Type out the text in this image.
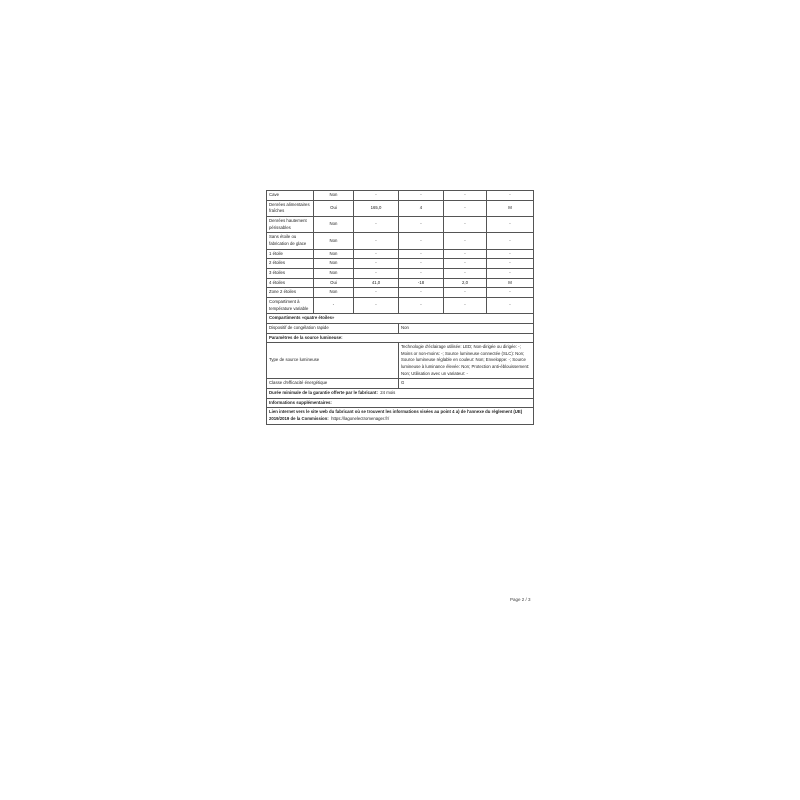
Cave	Non	-	-	-	-
Denrées alimentaires fraîches	Oui	165,0	4	-	M
Denrées hautement périssables	Non	-	-	-	-
Sans étoile ou fabrication de glace	Non	-	-	-	-
1 étoile	Non	-	-	-	-
2 étoiles	Non	-	-	-	-
3 étoiles	Non	-	-	-	-
4 étoiles	Oui	41,0	-18	2,0	M
Zone 2 étoiles	Non	-	-	-	-
Compartiment à température variable	-	-	-	-	-
Compartiments «quatre étoiles»					
Dispositif de congélation rapide			Non		
Paramètres de la source lumineuse:					
Type de source lumineuse			Technologie d'éclairage utilisée: LED; Non-dirigée ou dirigée: -; Moins or non-moins: -; Source lumineuse connectée (SLC): Non; Source lumineuse réglable en couleur: Non; Enveloppe: -; Source lumineuse à luminance élevée: Non; Protection anti-éblouissement: Non; Utilisation avec un variateur: -		
Classe d'efficacité énergétique			G		
Durée minimale de la garantie offerte par le fabricant: 24 mois					
Informations supplémentaires:					
Lien internet vers le site web du fabricant où se trouvent les informations visées au point 4 a) de l'annexe du règlement (UE) 2019/2019 de la Commission: https://lagonelectromenager.fr/					
Page 2 / 3
